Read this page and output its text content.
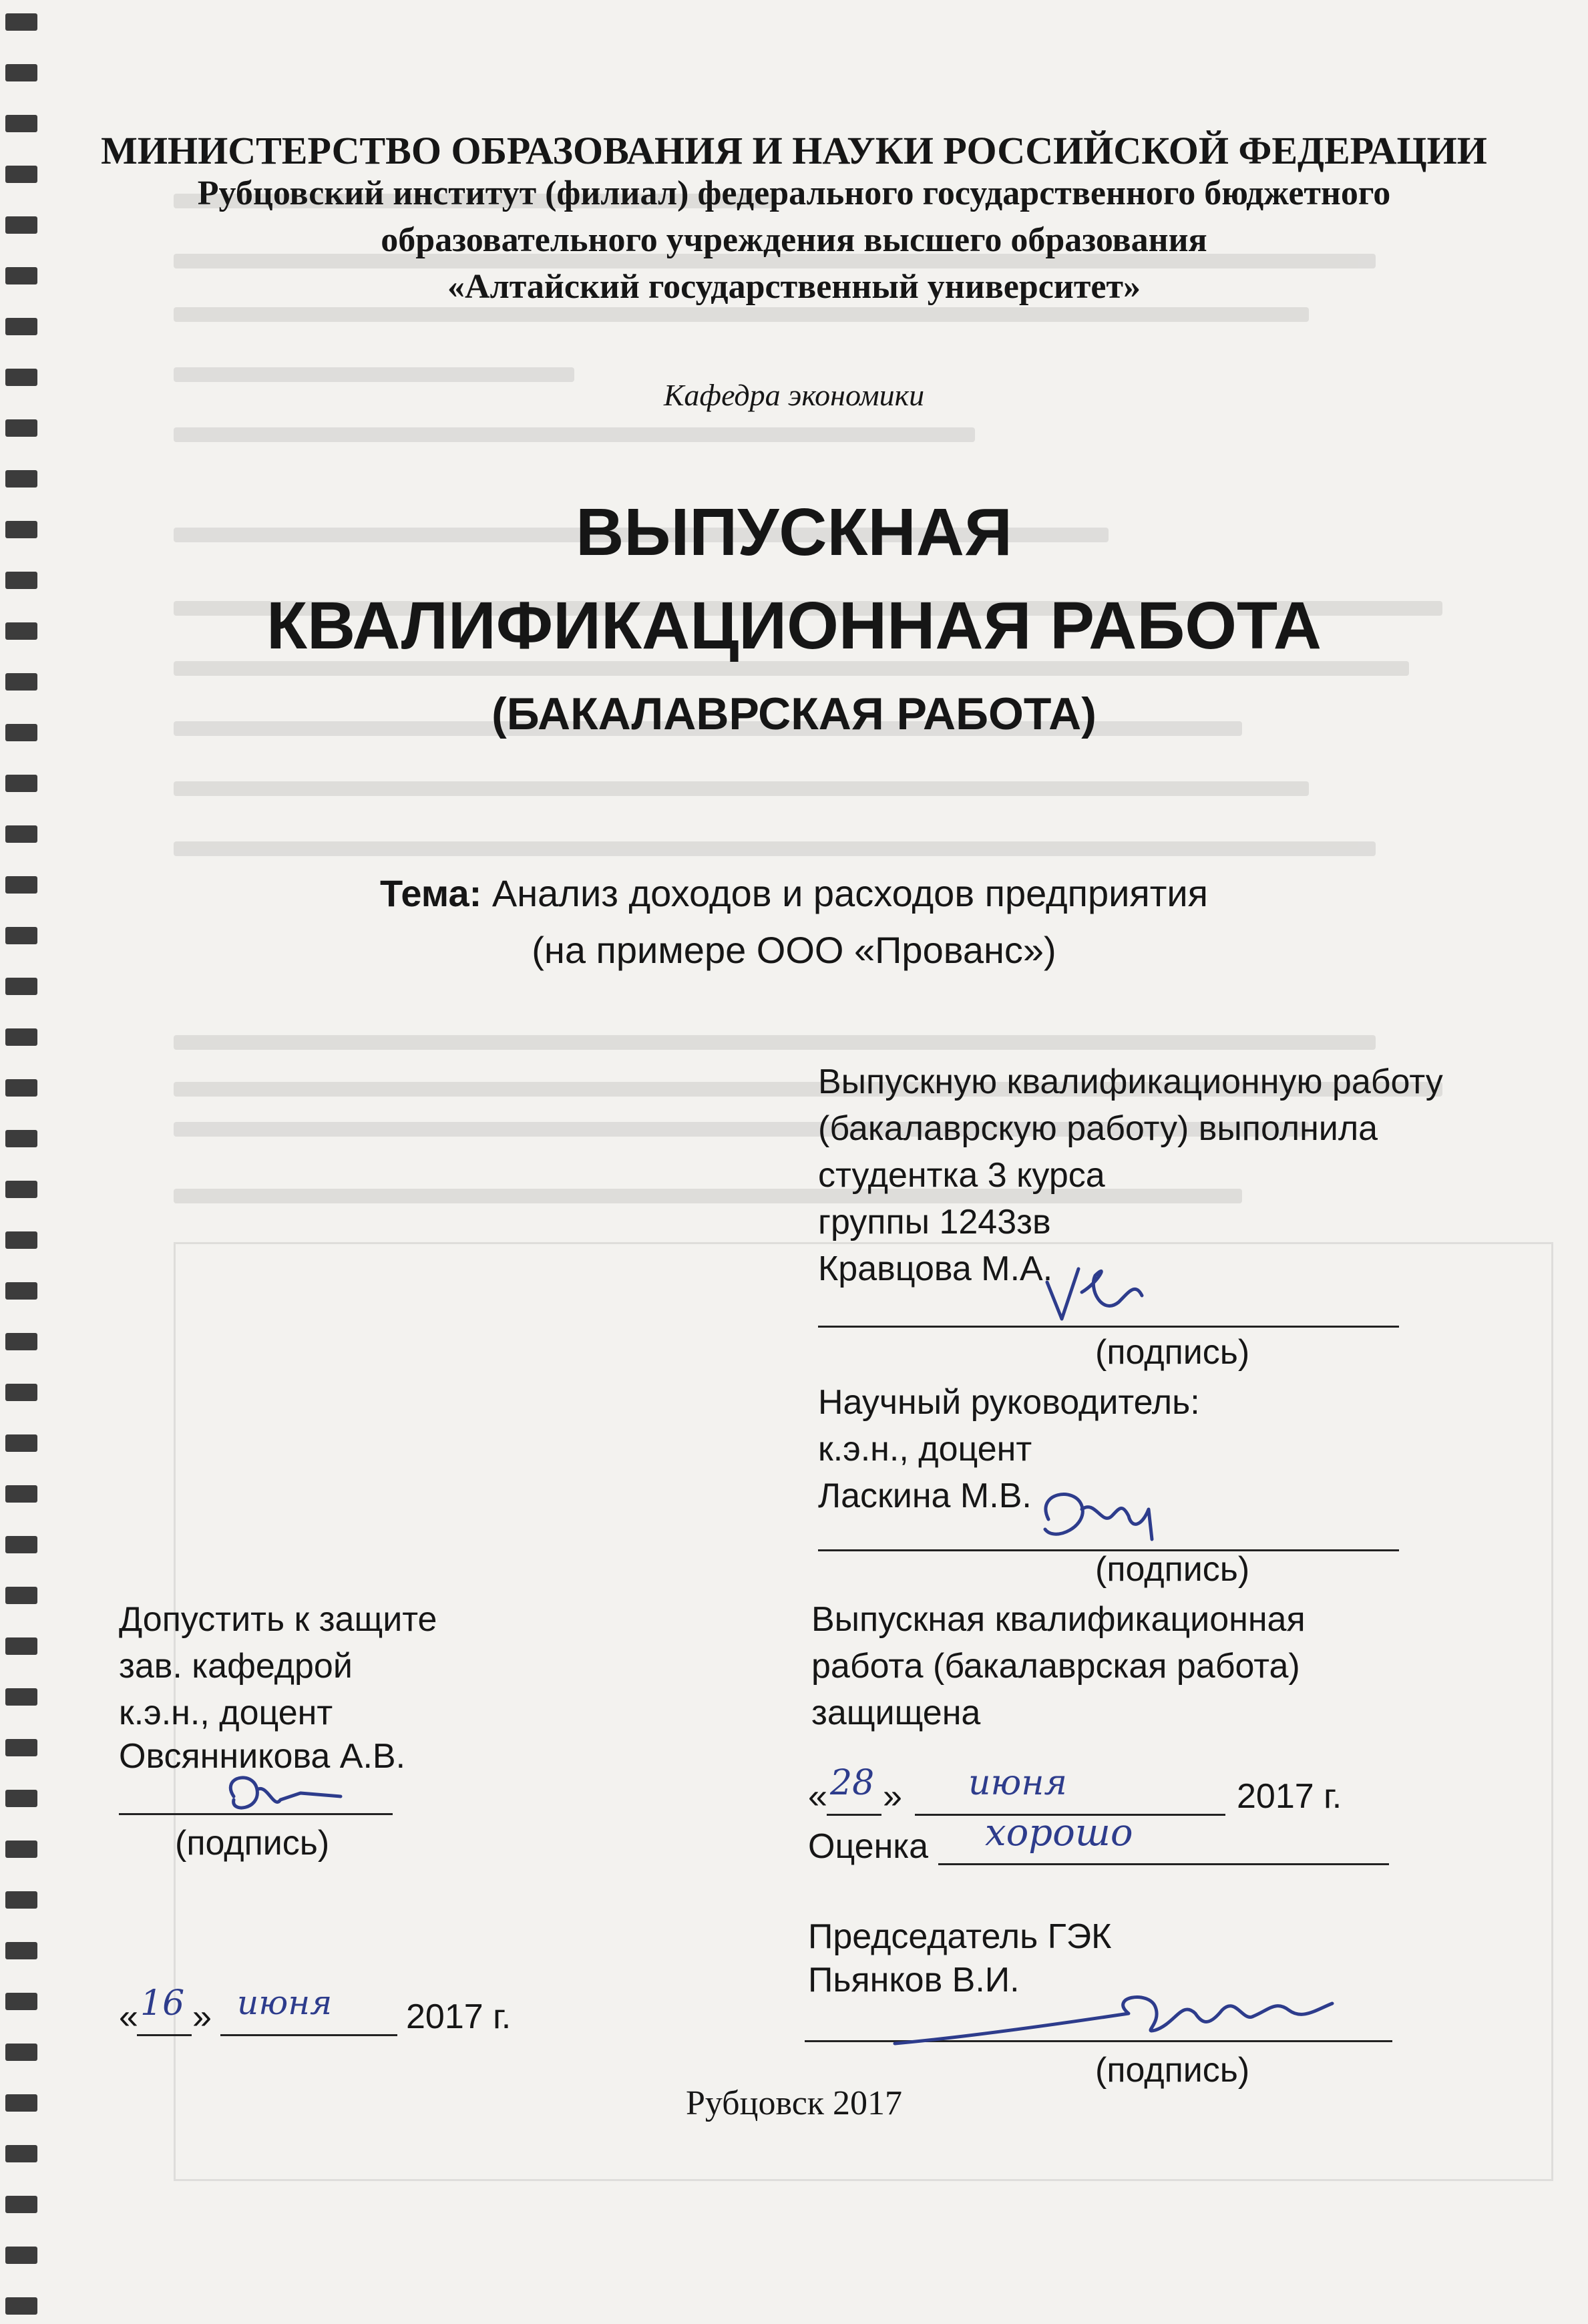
МИНИСТЕРСТВО ОБРАЗОВАНИЯ И НАУКИ РОССИЙСКОЙ ФЕДЕРАЦИИ
Рубцовский институт (филиал) федерального государственного бюджетного
образовательного учреждения высшего образования
«Алтайский государственный университет»
Кафедра экономики
ВЫПУСКНАЯ
КВАЛИФИКАЦИОННАЯ РАБОТА
(БАКАЛАВРСКАЯ РАБОТА)
Тема: Анализ доходов и расходов предприятия
(на примере ООО «Прованс»)
Выпускную квалификационную работу
(бакалаврскую работу) выполнила
студентка 3 курса
группы 1243зв
Кравцова М.А.
(подпись)
Научный руководитель:
к.э.н., доцент
Ласкина М.В.
(подпись)
Выпускная квалификационная
работа (бакалаврская работа)
защищена
« 28 » июня	2017 г.
Оценка хорошо
Председатель ГЭК
Пьянков В.И.
(подпись)
Допустить к защите
зав. кафедрой
к.э.н., доцент
Овсянникова А.В.
(подпись)
« 16 » июня 2017 г.
Рубцовск 2017
